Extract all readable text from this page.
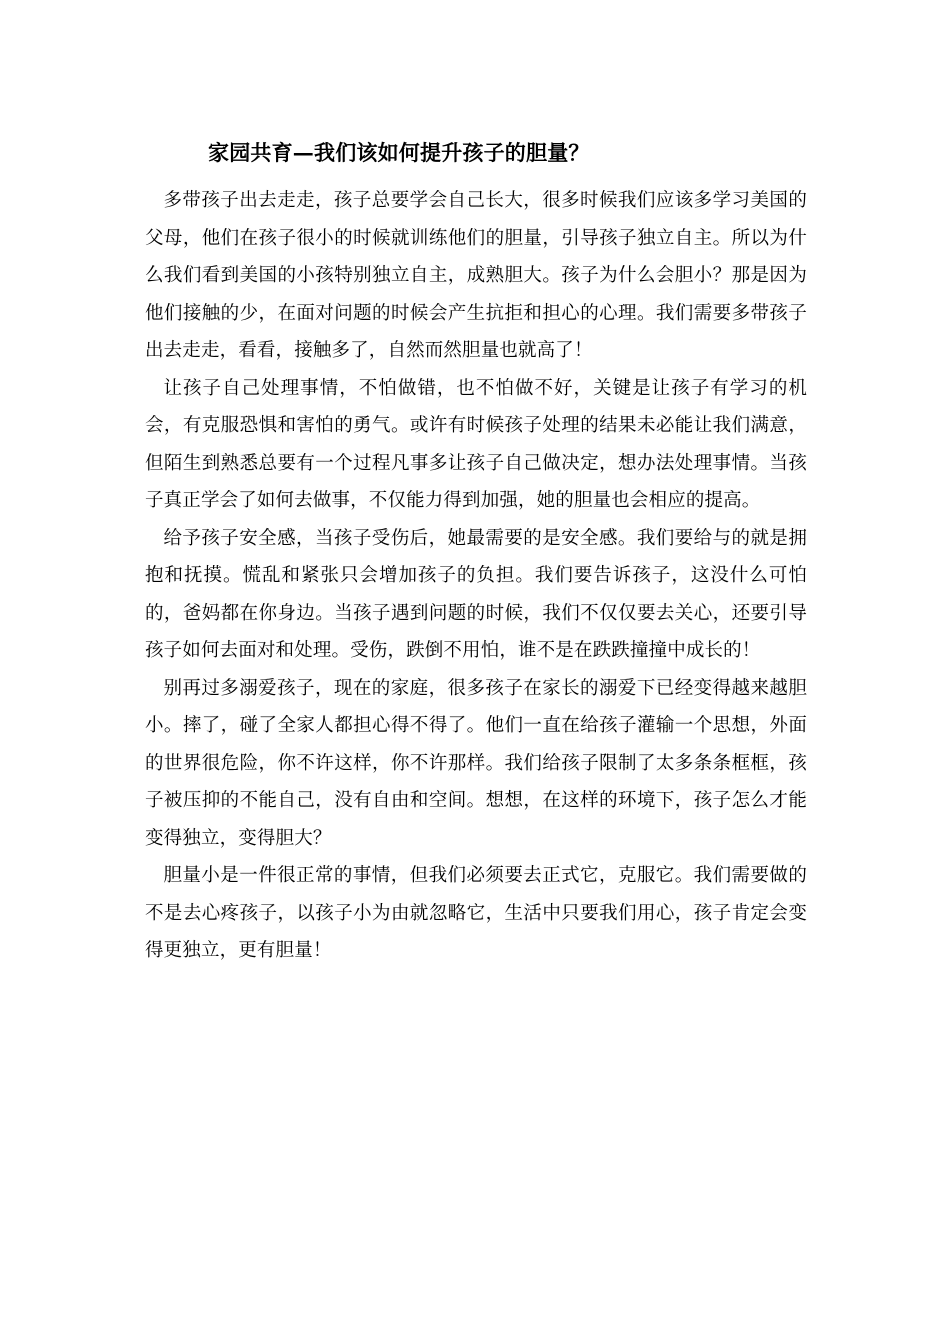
家园共育—我们该如何提升孩子的胆量？

多带孩子出去走走，孩子总要学会自己长大，很多时候我们应该多学习美国的父母，他们在孩子很小的时候就训练他们的胆量，引导孩子独立自主。所以为什么我们看到美国的小孩特别独立自主，成熟胆大。孩子为什么会胆小？那是因为他们接触的少，在面对问题的时候会产生抗拒和担心的心理。我们需要多带孩子出去走走，看看，接触多了，自然而然胆量也就高了！

让孩子自己处理事情，不怕做错，也不怕做不好，关键是让孩子有学习的机会，有克服恐惧和害怕的勇气。或许有时候孩子处理的结果未必能让我们满意，但陌生到熟悉总要有一个过程凡事多让孩子自己做决定，想办法处理事情。当孩子真正学会了如何去做事，不仅能力得到加强，她的胆量也会相应的提高。

给予孩子安全感，当孩子受伤后，她最需要的是安全感。我们要给与的就是拥抱和抚摸。慌乱和紧张只会增加孩子的负担。我们要告诉孩子，这没什么可怕的，爸妈都在你身边。当孩子遇到问题的时候，我们不仅仅要去关心，还要引导孩子如何去面对和处理。受伤，跌倒不用怕，谁不是在跌跌撞撞中成长的！

别再过多溺爱孩子，现在的家庭，很多孩子在家长的溺爱下已经变得越来越胆小。摔了，碰了全家人都担心得不得了。他们一直在给孩子灌输一个思想，外面的世界很危险，你不许这样，你不许那样。我们给孩子限制了太多条条框框，孩子被压抑的不能自己，没有自由和空间。想想，在这样的环境下，孩子怎么才能变得独立，变得胆大？

胆量小是一件很正常的事情，但我们必须要去正式它，克服它。我们需要做的不是去心疼孩子，以孩子小为由就忽略它，生活中只要我们用心，孩子肯定会变得更独立，更有胆量！
